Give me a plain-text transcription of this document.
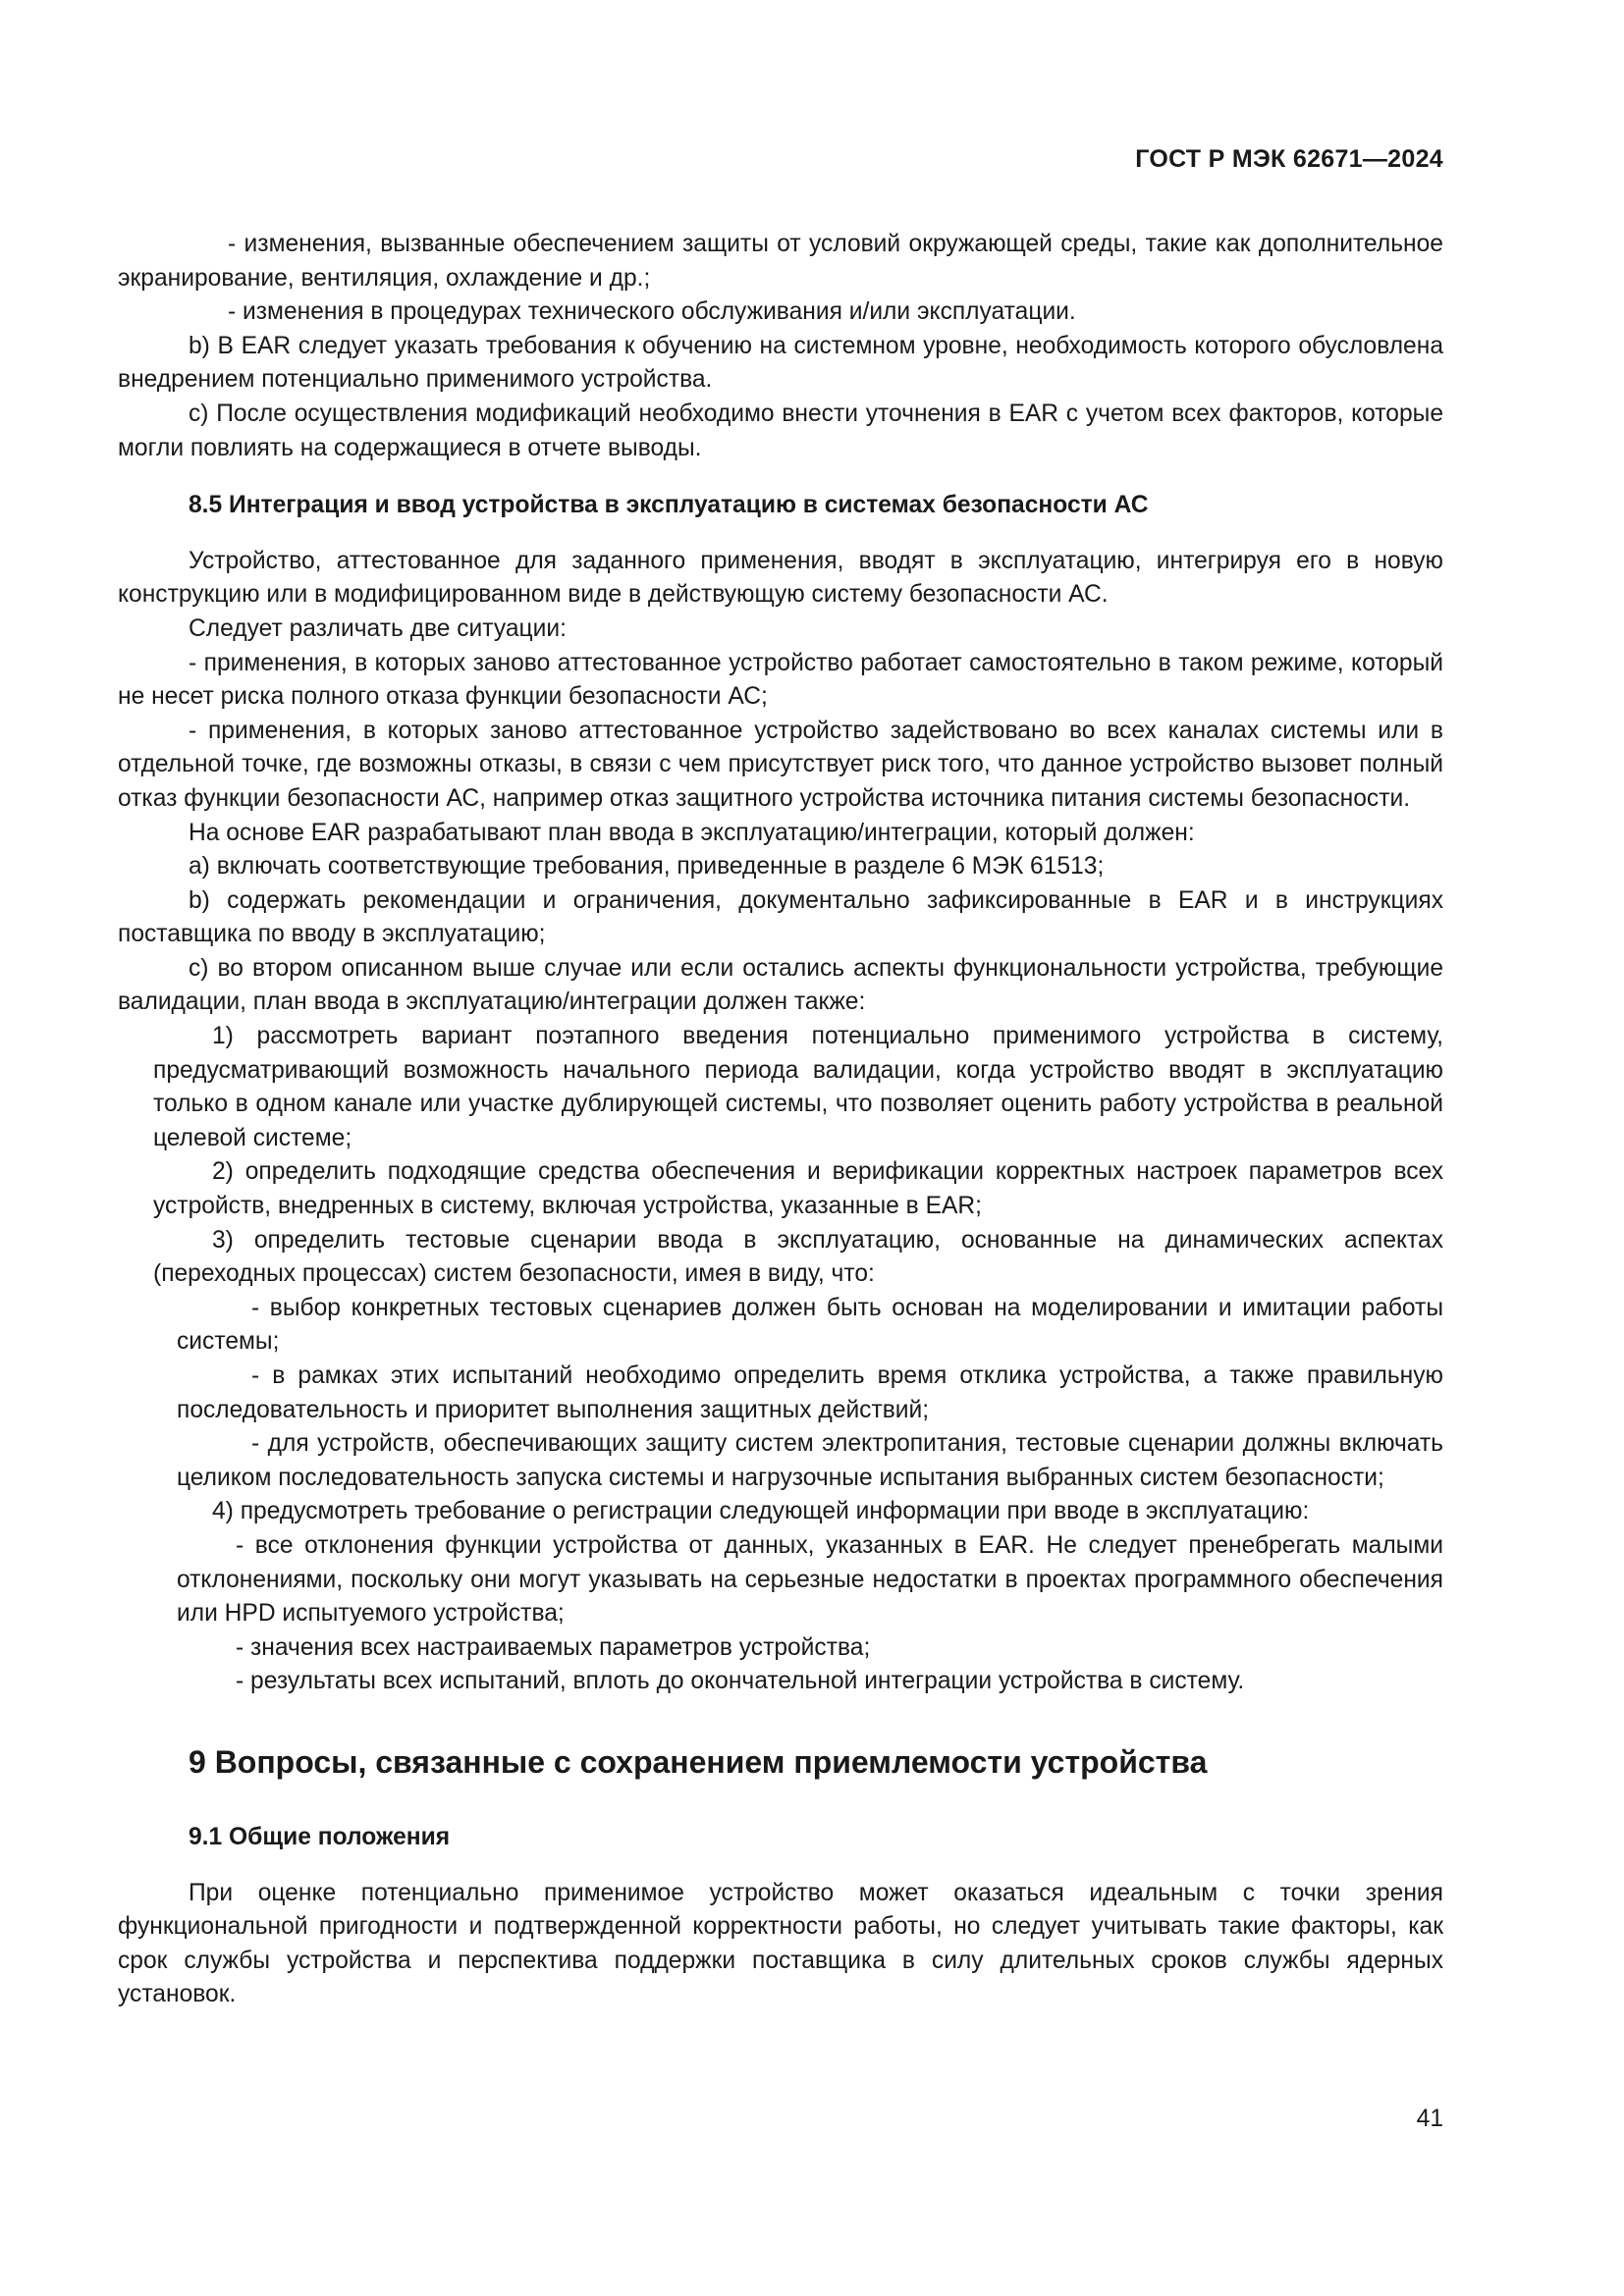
ГОСТ Р МЭК 62671—2024

- изменения, вызванные обеспечением защиты от условий окружающей среды, такие как дополнительное экранирование, вентиляция, охлаждение и др.;

- изменения в процедурах технического обслуживания и/или эксплуатации.

b) В EAR следует указать требования к обучению на системном уровне, необходимость которого обусловлена внедрением потенциально применимого устройства.

c) После осуществления модификаций необходимо внести уточнения в EAR с учетом всех факторов, которые могли повлиять на содержащиеся в отчете выводы.

8.5 Интеграция и ввод устройства в эксплуатацию в системах безопасности АС

Устройство, аттестованное для заданного применения, вводят в эксплуатацию, интегрируя его в новую конструкцию или в модифицированном виде в действующую систему безопасности АС.

Следует различать две ситуации:

- применения, в которых заново аттестованное устройство работает самостоятельно в таком режиме, который не несет риска полного отказа функции безопасности АС;

- применения, в которых заново аттестованное устройство задействовано во всех каналах системы или в отдельной точке, где возможны отказы, в связи с чем присутствует риск того, что данное устройство вызовет полный отказ функции безопасности АС, например отказ защитного устройства источника питания системы безопасности.

На основе EAR разрабатывают план ввода в эксплуатацию/интеграции, который должен:

a) включать соответствующие требования, приведенные в разделе 6 МЭК 61513;

b) содержать рекомендации и ограничения, документально зафиксированные в EAR и в инструкциях поставщика по вводу в эксплуатацию;

c) во втором описанном выше случае или если остались аспекты функциональности устройства, требующие валидации, план ввода в эксплуатацию/интеграции должен также:

1) рассмотреть вариант поэтапного введения потенциально применимого устройства в систему, предусматривающий возможность начального периода валидации, когда устройство вводят в эксплуатацию только в одном канале или участке дублирующей системы, что позволяет оценить работу устройства в реальной целевой системе;

2) определить подходящие средства обеспечения и верификации корректных настроек параметров всех устройств, внедренных в систему, включая устройства, указанные в EAR;

3) определить тестовые сценарии ввода в эксплуатацию, основанные на динамических аспектах (переходных процессах) систем безопасности, имея в виду, что:

- выбор конкретных тестовых сценариев должен быть основан на моделировании и имитации работы системы;

- в рамках этих испытаний необходимо определить время отклика устройства, а также правильную последовательность и приоритет выполнения защитных действий;

- для устройств, обеспечивающих защиту систем электропитания, тестовые сценарии должны включать целиком последовательность запуска системы и нагрузочные испытания выбранных систем безопасности;

4) предусмотреть требование о регистрации следующей информации при вводе в эксплуатацию:

- все отклонения функции устройства от данных, указанных в EAR. Не следует пренебрегать малыми отклонениями, поскольку они могут указывать на серьезные недостатки в проектах программного обеспечения или HPD испытуемого устройства;

- значения всех настраиваемых параметров устройства;

- результаты всех испытаний, вплоть до окончательной интеграции устройства в систему.

9 Вопросы, связанные с сохранением приемлемости устройства
9.1 Общие положения

При оценке потенциально применимое устройство может оказаться идеальным с точки зрения функциональной пригодности и подтвержденной корректности работы, но следует учитывать такие факторы, как срок службы устройства и перспектива поддержки поставщика в силу длительных сроков службы ядерных установок.

41
